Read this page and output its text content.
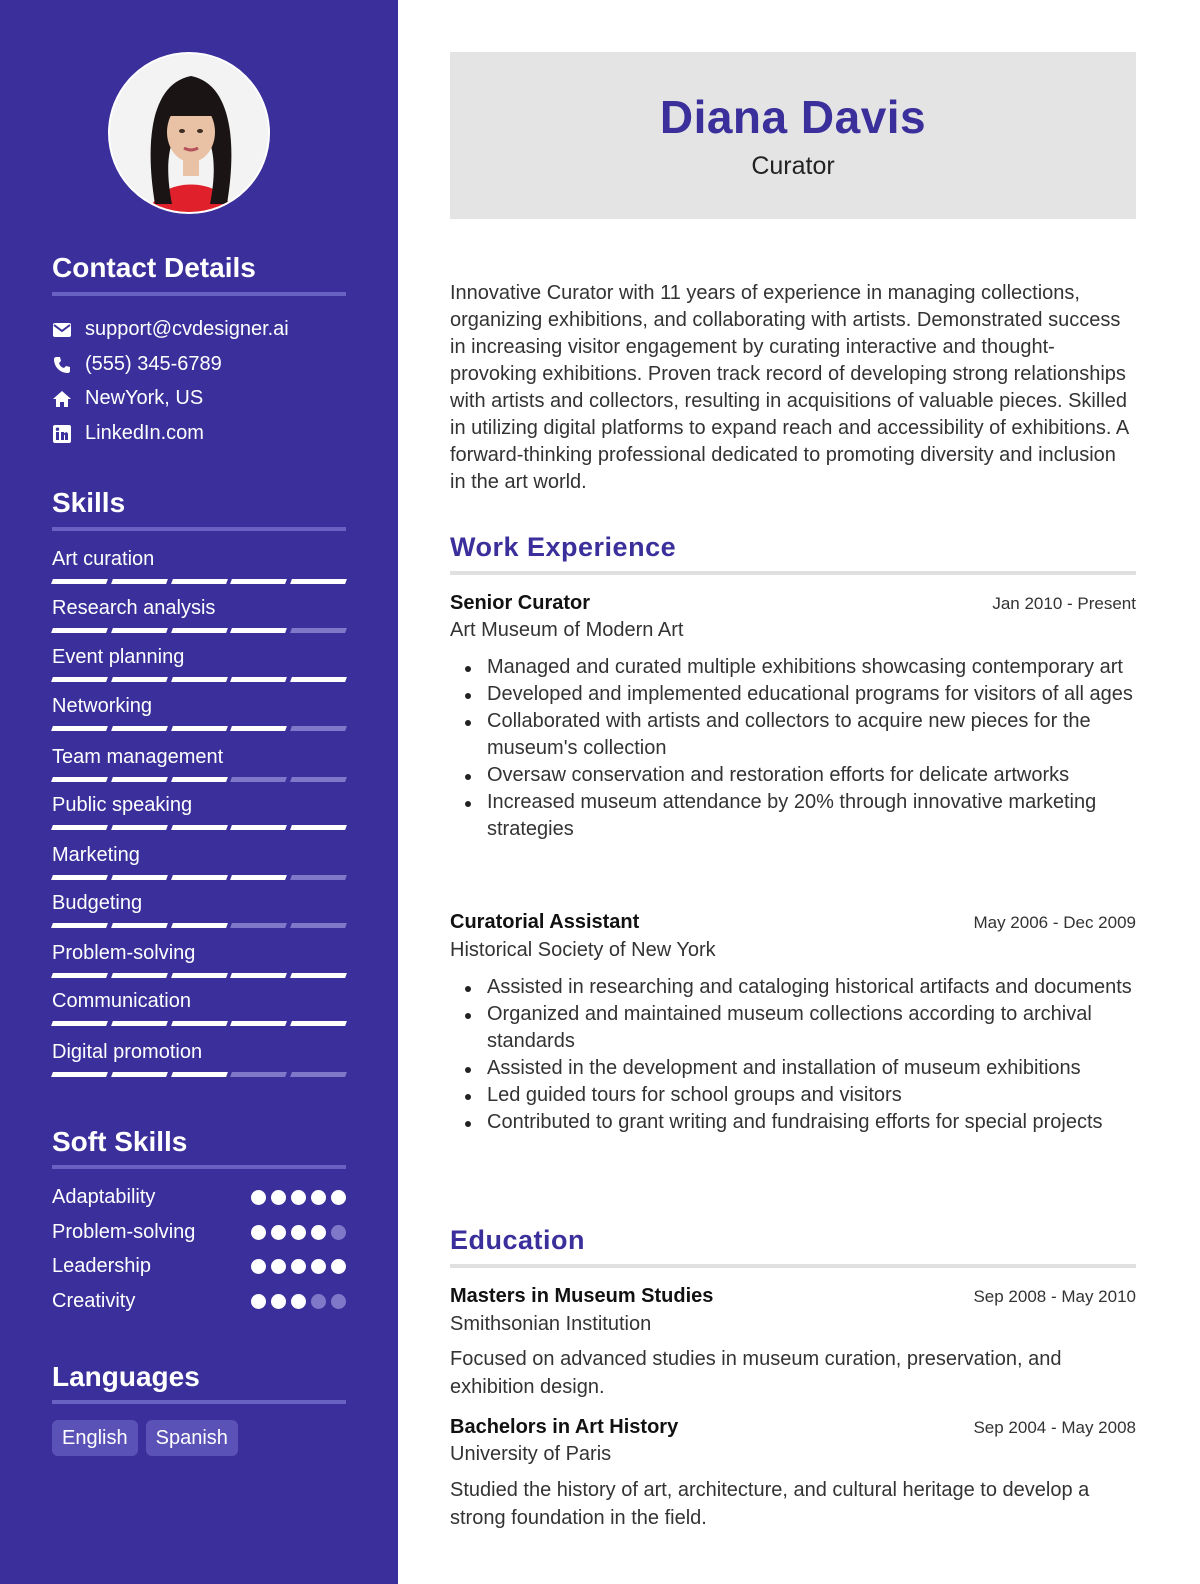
Contact Details
support@cvdesigner.ai
(555) 345-6789
NewYork, US
LinkedIn.com
Skills
Art curation
Research analysis
Event planning
Networking
Team management
Public speaking
Marketing
Budgeting
Problem-solving
Communication
Digital promotion
Soft Skills
Adaptability
Problem-solving
Leadership
Creativity
Languages
English	Spanish
Diana Davis
Curator
Innovative Curator with 11 years of experience in managing collections, organizing exhibitions, and collaborating with artists. Demonstrated success in increasing visitor engagement by curating interactive and thought-provoking exhibitions. Proven track record of developing strong relationships with artists and collectors, resulting in acquisitions of valuable pieces. Skilled in utilizing digital platforms to expand reach and accessibility of exhibitions. A forward-thinking professional dedicated to promoting diversity and inclusion in the art world.
Work Experience
Senior Curator	Jan 2010 - Present
Art Museum of Modern Art
Managed and curated multiple exhibitions showcasing contemporary art
Developed and implemented educational programs for visitors of all ages
Collaborated with artists and collectors to acquire new pieces for the museum's collection
Oversaw conservation and restoration efforts for delicate artworks
Increased museum attendance by 20% through innovative marketing strategies
Curatorial Assistant	May 2006 - Dec 2009
Historical Society of New York
Assisted in researching and cataloging historical artifacts and documents
Organized and maintained museum collections according to archival standards
Assisted in the development and installation of museum exhibitions
Led guided tours for school groups and visitors
Contributed to grant writing and fundraising efforts for special projects
Education
Masters in Museum Studies	Sep 2008 - May 2010
Smithsonian Institution
Focused on advanced studies in museum curation, preservation, and exhibition design.
Bachelors in Art History	Sep 2004 - May 2008
University of Paris
Studied the history of art, architecture, and cultural heritage to develop a strong foundation in the field.
